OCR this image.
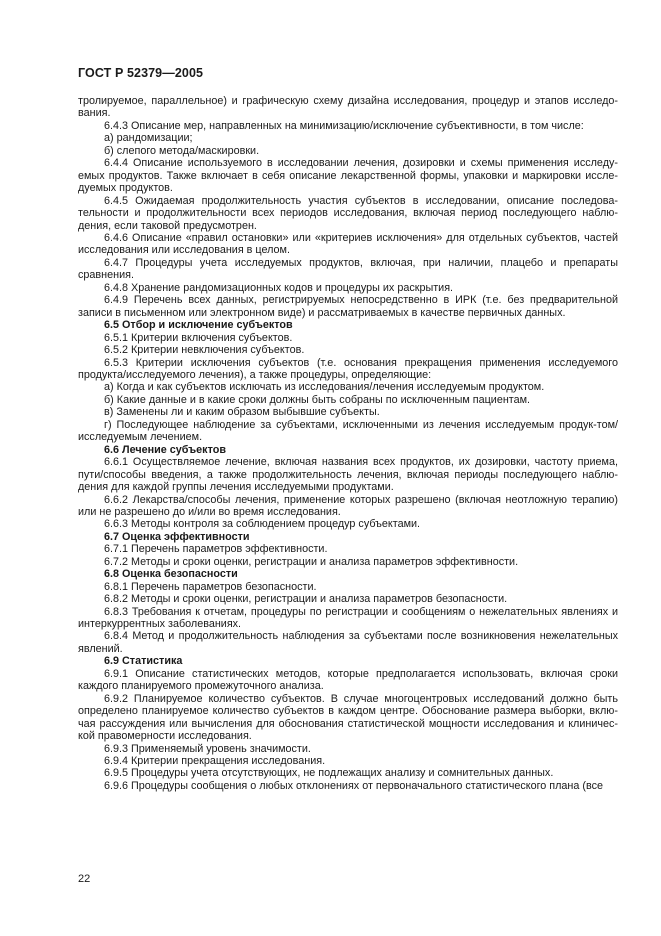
ГОСТ Р 52379—2005

тролируемое, параллельное) и графическую схему дизайна исследования, процедур и этапов исследо-вания.

6.4.3 Описание мер, направленных на минимизацию/исключение субъективности, в том числе:

а) рандомизации;

б) слепого метода/маскировки.

6.4.4 Описание используемого в исследовании лечения, дозировки и схемы применения исследу-емых продуктов. Также включает в себя описание лекарственной формы, упаковки и маркировки иссле-дуемых продуктов.

6.4.5 Ожидаемая продолжительность участия субъектов в исследовании, описание последова-тельности и продолжительности всех периодов исследования, включая период последующего наблю-дения, если таковой предусмотрен.

6.4.6 Описание «правил остановки» или «критериев исключения» для отдельных субъектов, частей исследования или исследования в целом.

6.4.7 Процедуры учета исследуемых продуктов, включая, при наличии, плацебо и препараты сравнения.

6.4.8 Хранение рандомизационных кодов и процедуры их раскрытия.

6.4.9 Перечень всех данных, регистрируемых непосредственно в ИРК (т.е. без предварительной записи в письменном или электронном виде) и рассматриваемых в качестве первичных данных.

6.5 Отбор и исключение субъектов

6.5.1 Критерии включения субъектов.

6.5.2 Критерии невключения субъектов.

6.5.3 Критерии исключения субъектов (т.е. основания прекращения применения исследуемого продукта/исследуемого лечения), а также процедуры, определяющие:

а) Когда и как субъектов исключать из исследования/лечения исследуемым продуктом.

б) Какие данные и в какие сроки должны быть собраны по исключенным пациентам.

в) Заменены ли и каким образом выбывшие субъекты.

г) Последующее наблюдение за субъектами, исключенными из лечения исследуемым продук-том/исследуемым лечением.

6.6 Лечение субъектов

6.6.1 Осуществляемое лечение, включая названия всех продуктов, их дозировки, частоту приема, пути/способы введения, а также продолжительность лечения, включая периоды последующего наблю-дения для каждой группы лечения исследуемыми продуктами.

6.6.2 Лекарства/способы лечения, применение которых разрешено (включая неотложную терапию) или не разрешено до и/или во время исследования.

6.6.3 Методы контроля за соблюдением процедур субъектами.

6.7 Оценка эффективности

6.7.1 Перечень параметров эффективности.

6.7.2 Методы и сроки оценки, регистрации и анализа параметров эффективности.

6.8 Оценка безопасности

6.8.1 Перечень параметров безопасности.

6.8.2 Методы и сроки оценки, регистрации и анализа параметров безопасности.

6.8.3 Требования к отчетам, процедуры по регистрации и сообщениям о нежелательных явлениях и интеркуррентных заболеваниях.

6.8.4 Метод и продолжительность наблюдения за субъектами после возникновения нежелательных явлений.

6.9 Статистика

6.9.1 Описание статистических методов, которые предполагается использовать, включая сроки каждого планируемого промежуточного анализа.

6.9.2 Планируемое количество субъектов. В случае многоцентровых исследований должно быть определено планируемое количество субъектов в каждом центре. Обоснование размера выборки, вклю-чая рассуждения или вычисления для обоснования статистической мощности исследования и клиничес-кой правомерности исследования.

6.9.3 Применяемый уровень значимости.

6.9.4 Критерии прекращения исследования.

6.9.5 Процедуры учета отсутствующих, не подлежащих анализу и сомнительных данных.

6.9.6 Процедуры сообщения о любых отклонениях от первоначального статистического плана (все

22
